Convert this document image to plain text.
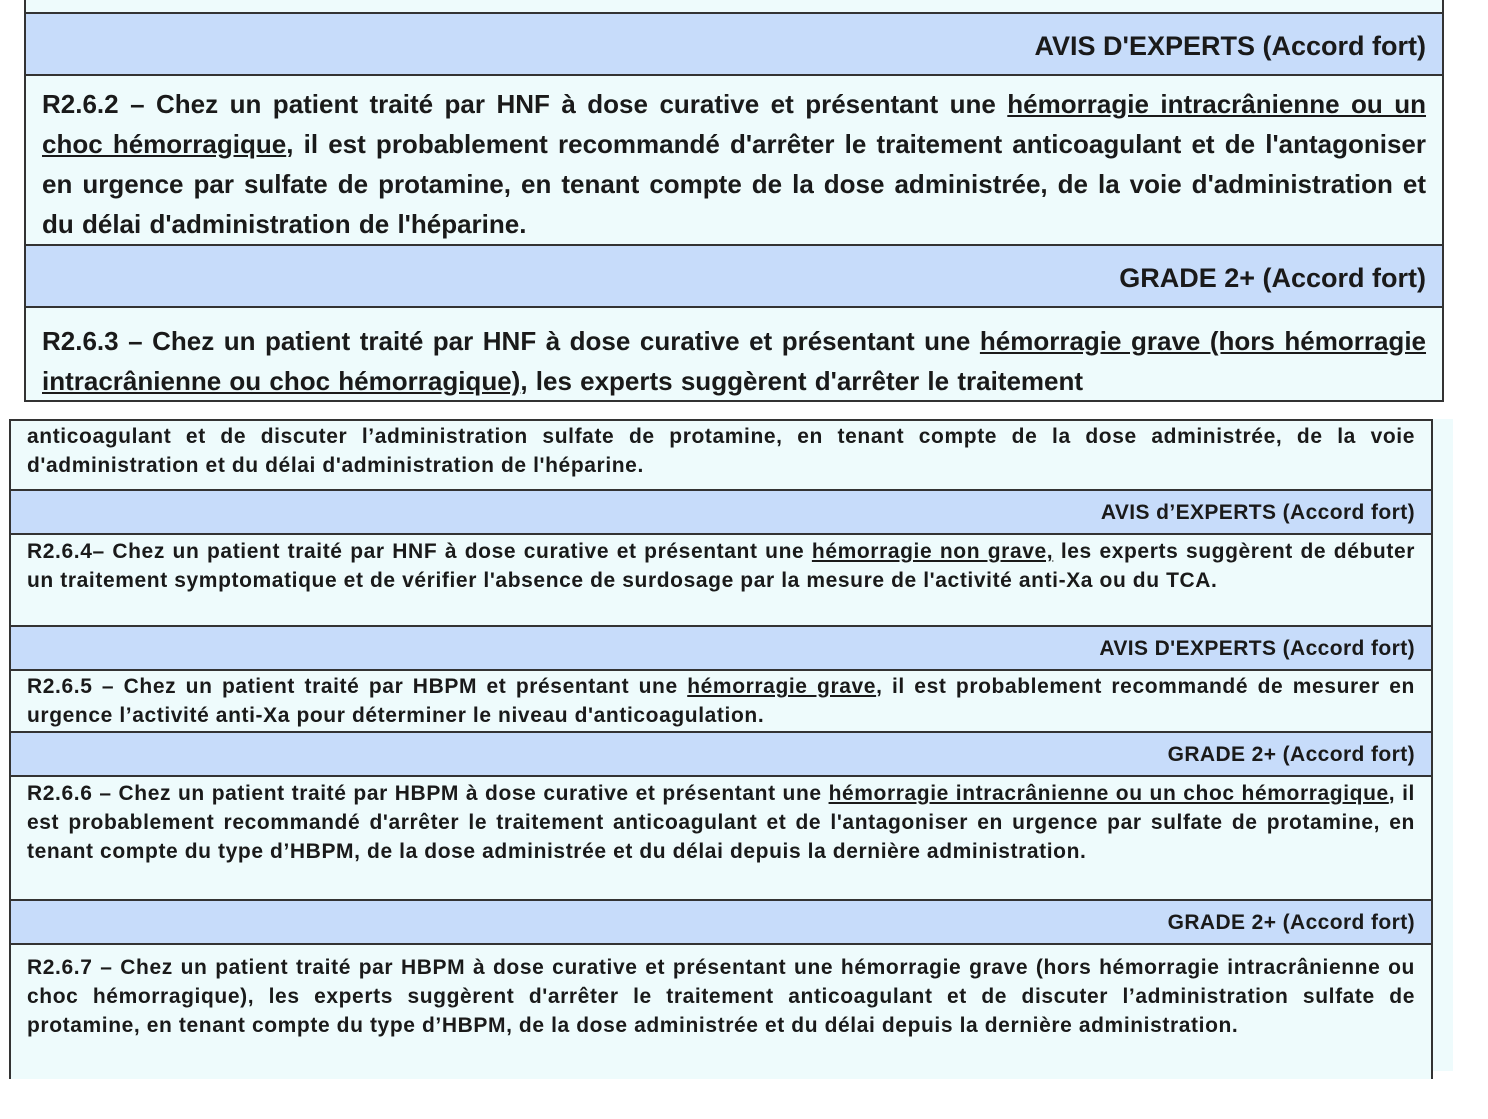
AVIS D'EXPERTS (Accord fort)
R2.6.2 – Chez un patient traité par HNF à dose curative et présentant une hémorragie intracrânienne ou un choc hémorragique, il est probablement recommandé d'arrêter le traitement anticoagulant et de l'antagoniser en urgence par sulfate de protamine, en tenant compte de la dose administrée, de la voie d'administration et du délai d'administration de l'héparine.
GRADE 2+ (Accord fort)
R2.6.3 – Chez un patient traité par HNF à dose curative et présentant une hémorragie grave (hors hémorragie intracrânienne ou choc hémorragique), les experts suggèrent d'arrêter le traitement
anticoagulant et de discuter l’administration sulfate de protamine, en tenant compte de la dose administrée, de la voie d'administration et du délai d'administration de l'héparine.
AVIS d’EXPERTS (Accord fort)
R2.6.4– Chez un patient traité par HNF à dose curative et présentant une hémorragie non grave, les experts suggèrent de débuter un traitement symptomatique et de vérifier l'absence de surdosage par la mesure de l'activité anti-Xa ou du TCA.
AVIS D'EXPERTS (Accord fort)
R2.6.5 – Chez un patient traité par HBPM et présentant une hémorragie grave, il est probablement recommandé de mesurer en urgence l’activité anti-Xa pour déterminer le niveau d'anticoagulation.
GRADE 2+ (Accord fort)
R2.6.6 – Chez un patient traité par HBPM à dose curative et présentant une hémorragie intracrânienne ou un choc hémorragique, il est probablement recommandé d'arrêter le traitement anticoagulant et de l'antagoniser en urgence par sulfate de protamine, en tenant compte du type d’HBPM, de la dose administrée et du délai depuis la dernière administration.
GRADE 2+ (Accord fort)
R2.6.7 – Chez un patient traité par HBPM à dose curative et présentant une hémorragie grave (hors hémorragie intracrânienne ou choc hémorragique), les experts suggèrent d'arrêter le traitement anticoagulant et de discuter l’administration sulfate de protamine, en tenant compte du type d’HBPM, de la dose administrée et du délai depuis la dernière administration.
